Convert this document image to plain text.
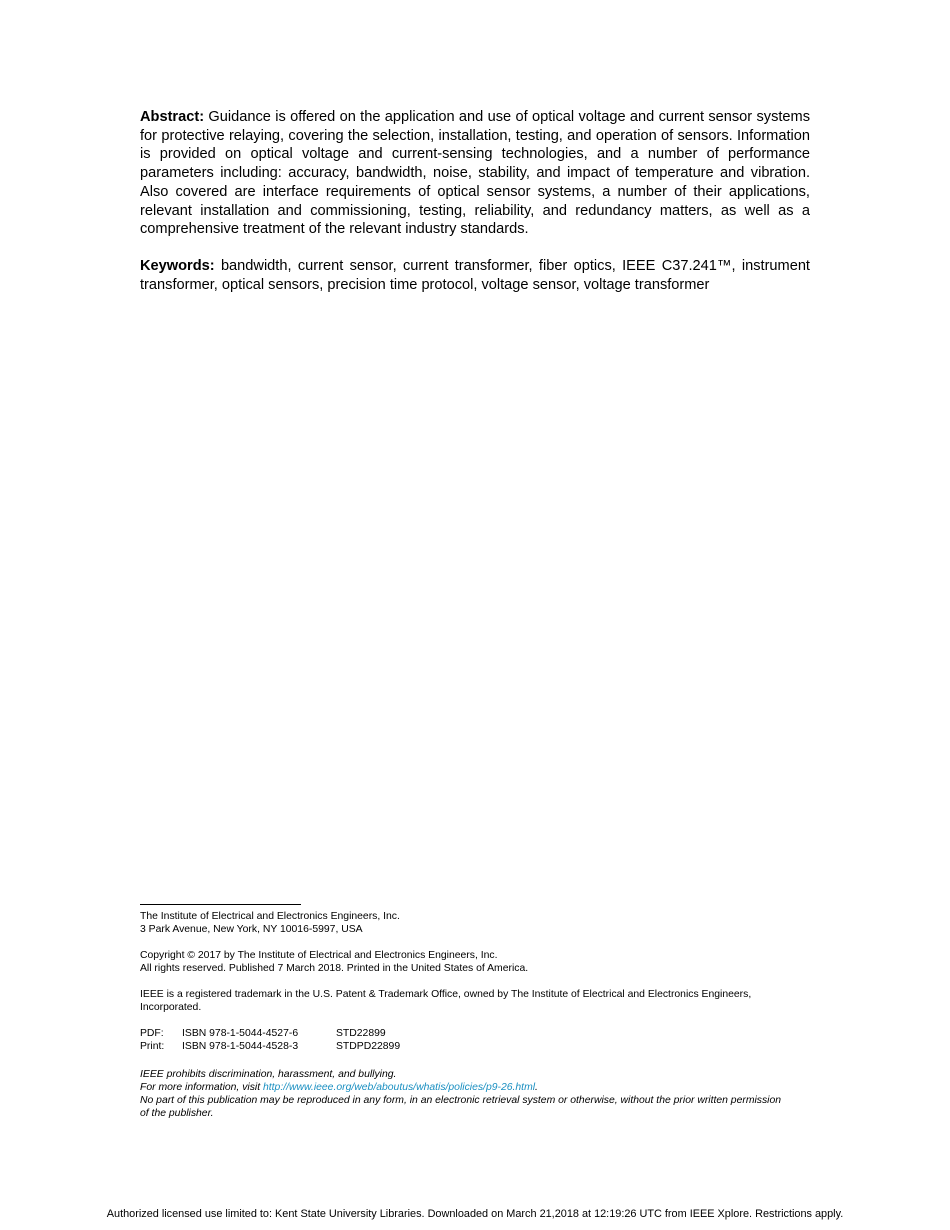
Abstract: Guidance is offered on the application and use of optical voltage and current sensor systems for protective relaying, covering the selection, installation, testing, and operation of sensors. Information is provided on optical voltage and current-sensing technologies, and a number of performance parameters including: accuracy, bandwidth, noise, stability, and impact of temperature and vibration. Also covered are interface requirements of optical sensor systems, a number of their applications, relevant installation and commissioning, testing, reliability, and redundancy matters, as well as a comprehensive treatment of the relevant industry standards.
Keywords: bandwidth, current sensor, current transformer, fiber optics, IEEE C37.241™, instrument transformer, optical sensors, precision time protocol, voltage sensor, voltage transformer
The Institute of Electrical and Electronics Engineers, Inc.
3 Park Avenue, New York, NY 10016-5997, USA
Copyright © 2017 by The Institute of Electrical and Electronics Engineers, Inc.
All rights reserved. Published 7 March 2018. Printed in the United States of America.
IEEE is a registered trademark in the U.S. Patent & Trademark Office, owned by The Institute of Electrical and Electronics Engineers,
Incorporated.
PDF:	ISBN 978-1-5044-4527-6	STD22899
Print:	ISBN 978-1-5044-4528-3	STDPD22899
IEEE prohibits discrimination, harassment, and bullying.
For more information, visit http://www.ieee.org/web/aboutus/whatis/policies/p9-26.html.
No part of this publication may be reproduced in any form, in an electronic retrieval system or otherwise, without the prior written permission
of the publisher.
Authorized licensed use limited to: Kent State University Libraries. Downloaded on March 21,2018 at 12:19:26 UTC from IEEE Xplore. Restrictions apply.
